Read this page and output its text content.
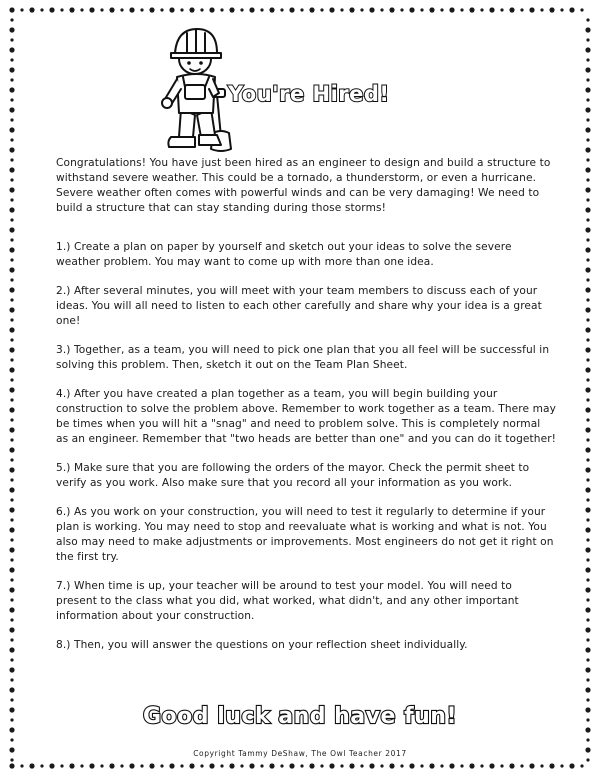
You're Hired!

Congratulations! You have just been hired as an engineer to design and build a structure to withstand severe weather. This could be a tornado, a thunderstorm, or even a hurricane. Severe weather often comes with powerful winds and can be very damaging! We need to build a structure that can stay standing during those storms!

1.) Create a plan on paper by yourself and sketch out your ideas to solve the severe weather problem. You may want to come up with more than one idea.

2.) After several minutes, you will meet with your team members to discuss each of your ideas. You will all need to listen to each other carefully and share why your idea is a great one!

3.) Together, as a team, you will need to pick one plan that you all feel will be successful in solving this problem. Then, sketch it out on the Team Plan Sheet.

4.) After you have created a plan together as a team, you will begin building your construction to solve the problem above. Remember to work together as a team. There may be times when you will hit a "snag" and need to problem solve. This is completely normal as an engineer. Remember that "two heads are better than one" and you can do it together!

5.) Make sure that you are following the orders of the mayor. Check the permit sheet to verify as you work. Also make sure that you record all your information as you work.

6.) As you work on your construction, you will need to test it regularly to determine if your plan is working. You may need to stop and reevaluate what is working and what is not. You also may need to make adjustments or improvements. Most engineers do not get it right on the first try.

7.) When time is up, your teacher will be around to test your model. You will need to present to the class what you did, what worked, what didn't, and any other important information about your construction.

8.) Then, you will answer the questions on your reflection sheet individually.

Good luck and have fun!
Copyright Tammy DeShaw, The Owl Teacher 2017
